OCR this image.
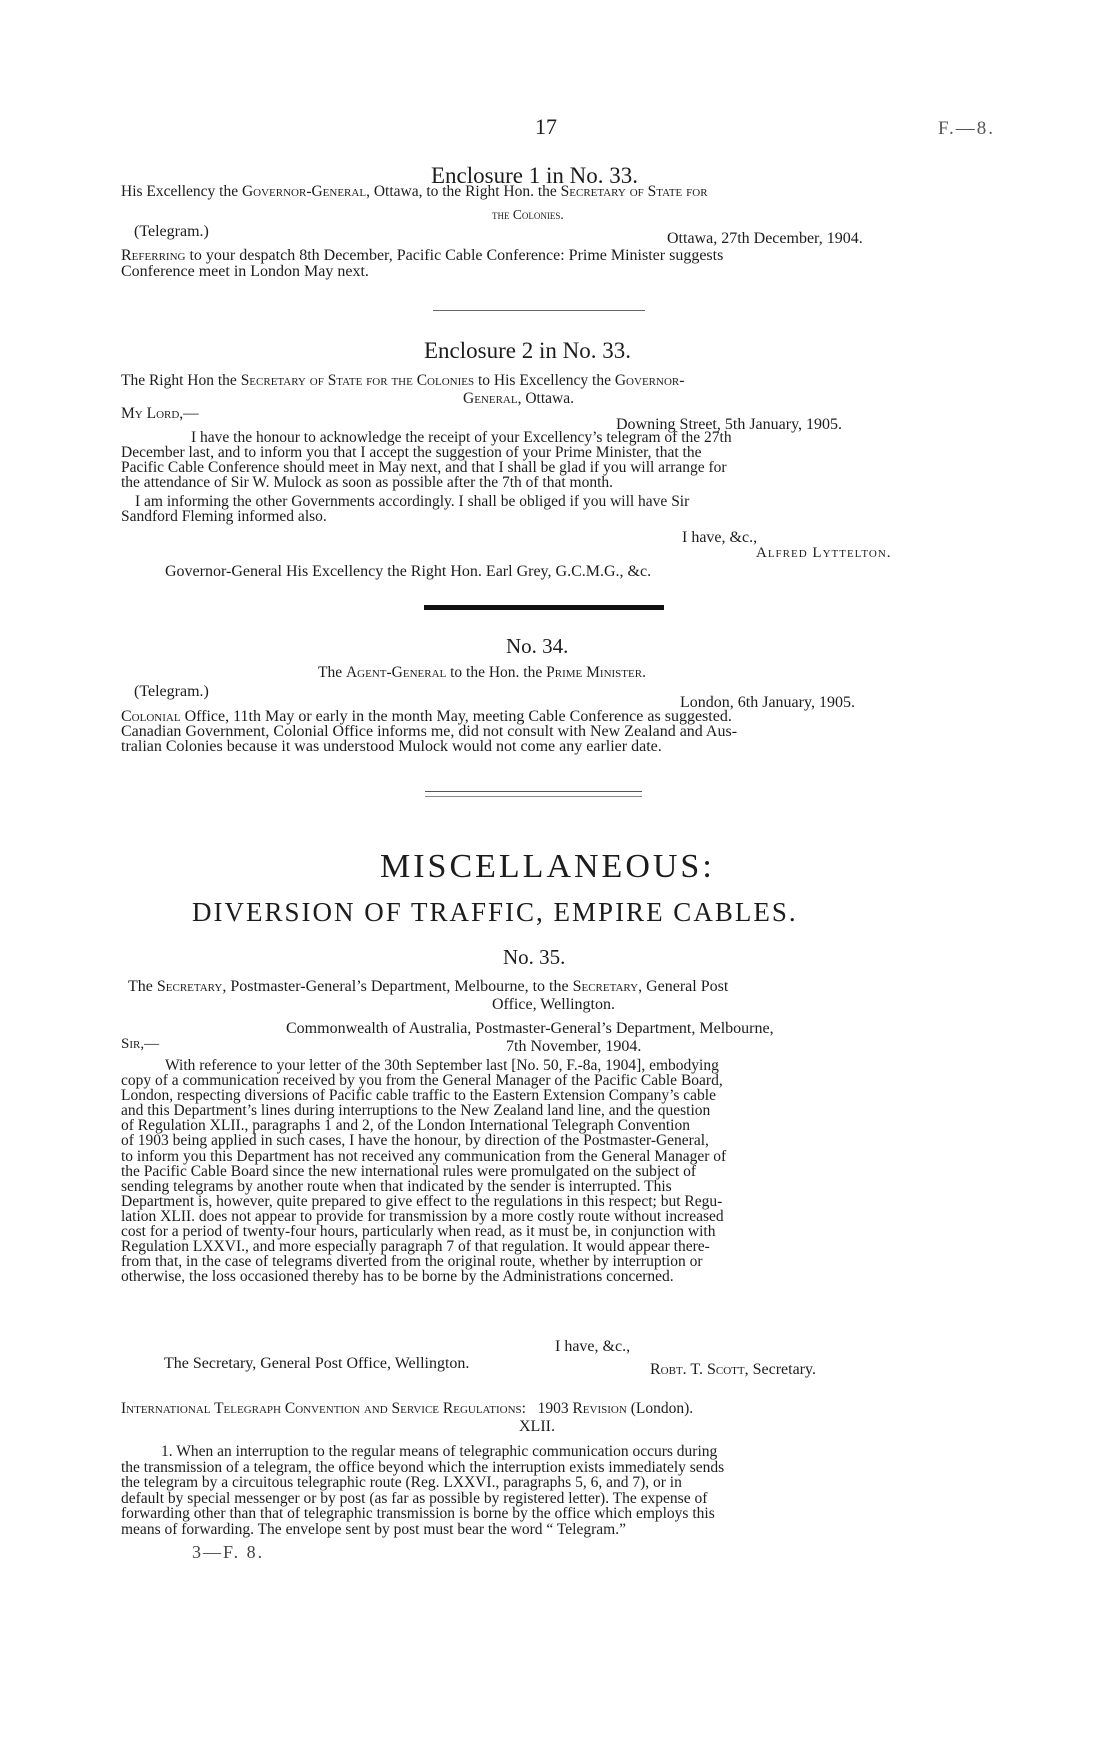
17	F.—8.
Enclosure 1 in No. 33.
His Excellency the Governor-General, Ottawa, to the Right Hon. the Secretary of State for
the Colonies.
(Telegram.)	Ottawa, 27th December, 1904.
Referring to your despatch 8th December, Pacific Cable Conference: Prime Minister suggests
Conference meet in London May next.
Enclosure 2 in No. 33.
The Right Hon the Secretary of State for the Colonies to His Excellency the Governor-
General, Ottawa.
My Lord,—
Downing Street, 5th January, 1905.
I have the honour to acknowledge the receipt of your Excellency’s telegram of the 27th
December last, and to inform you that I accept the suggestion of your Prime Minister, that the
Pacific Cable Conference should meet in May next, and that I shall be glad if you will arrange for
the attendance of Sir W. Mulock as soon as possible after the 7th of that month.
I am informing the other Governments accordingly. I shall be obliged if you will have Sir
Sandford Fleming informed also.
I have, &c.,
Alfred Lyttelton.
Governor-General His Excellency the Right Hon. Earl Grey, G.C.M.G., &c.
No. 34.
The Agent-General to the Hon. the Prime Minister.
(Telegram.)
London, 6th January, 1905.
Colonial Office, 11th May or early in the month May, meeting Cable Conference as suggested.
Canadian Government, Colonial Office informs me, did not consult with New Zealand and Aus-
tralian Colonies because it was understood Mulock would not come any earlier date.
MISCELLANEOUS:
DIVERSION OF TRAFFIC, EMPIRE CABLES.
No. 35.
The Secretary, Postmaster-General’s Department, Melbourne, to the Secretary, General Post
Office, Wellington.
Commonwealth of Australia, Postmaster-General’s Department, Melbourne,
Sir,—	7th November, 1904.
With reference to your letter of the 30th September last [No. 50, F.-8a, 1904], embodying
copy of a communication received by you from the General Manager of the Pacific Cable Board,
London, respecting diversions of Pacific cable traffic to the Eastern Extension Company’s cable
and this Department’s lines during interruptions to the New Zealand land line, and the question
of Regulation XLII., paragraphs 1 and 2, of the London International Telegraph Convention
of 1903 being applied in such cases, I have the honour, by direction of the Postmaster-General,
to inform you this Department has not received any communication from the General Manager of
the Pacific Cable Board since the new international rules were promulgated on the subject of
sending telegrams by another route when that indicated by the sender is interrupted. This
Department is, however, quite prepared to give effect to the regulations in this respect; but Regu-
lation XLII. does not appear to provide for transmission by a more costly route without increased
cost for a period of twenty-four hours, particularly when read, as it must be, in conjunction with
Regulation LXXVI., and more especially paragraph 7 of that regulation. It would appear there-
from that, in the case of telegrams diverted from the original route, whether by interruption or
otherwise, the loss occasioned thereby has to be borne by the Administrations concerned.
I have, &c.,
The Secretary, General Post Office, Wellington.	Robt. T. Scott, Secretary.
International Telegraph Convention and Service Regulations: 1903 Revision (London).
XLII.
1. When an interruption to the regular means of telegraphic communication occurs during
the transmission of a telegram, the office beyond which the interruption exists immediately sends
the telegram by a circuitous telegraphic route (Reg. LXXVI., paragraphs 5, 6, and 7), or in
default by special messenger or by post (as far as possible by registered letter). The expense of
forwarding other than that of telegraphic transmission is borne by the office which employs this
means of forwarding. The envelope sent by post must bear the word “ Telegram.”
3—F. 8.
